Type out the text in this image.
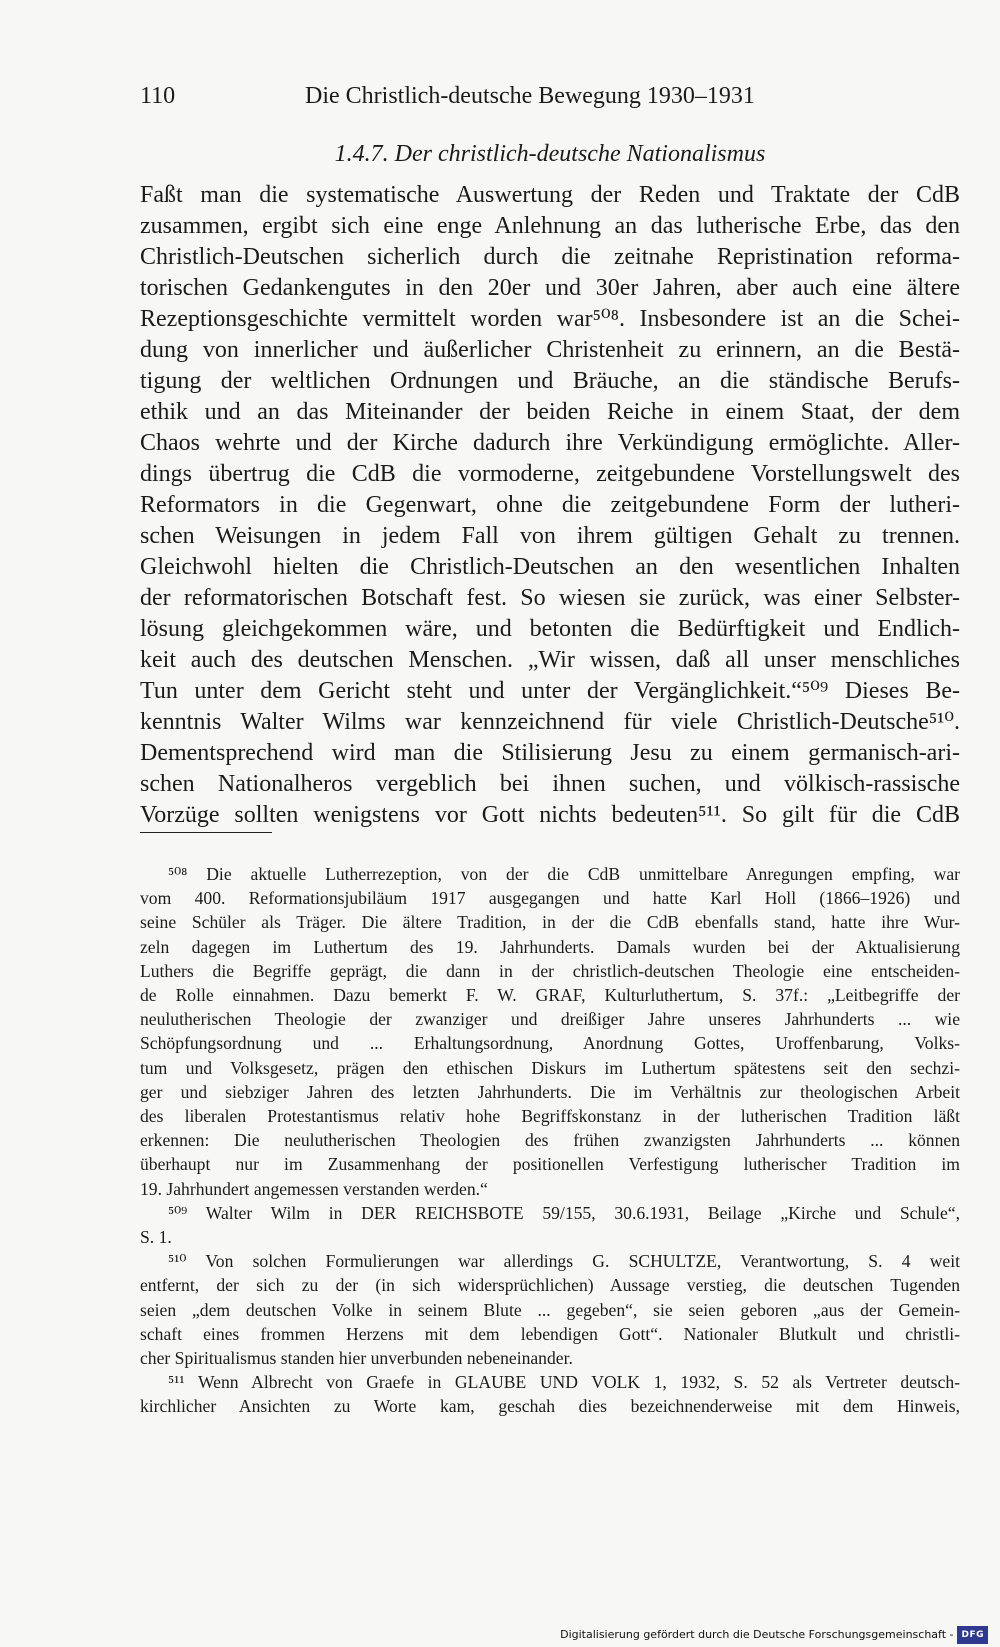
110	Die Christlich-deutsche Bewegung 1930–1931
1.4.7. Der christlich-deutsche Nationalismus

Faßt man die systematische Auswertung der Reden und Traktate der CdB

zusammen, ergibt sich eine enge Anlehnung an das lutherische Erbe, das den

Christlich-Deutschen sicherlich durch die zeitnahe Repristination reforma-

torischen Gedankengutes in den 20er und 30er Jahren, aber auch eine ältere

Rezeptionsgeschichte vermittelt worden war⁵⁰⁸. Insbesondere ist an die Schei-

dung von innerlicher und äußerlicher Christenheit zu erinnern, an die Bestä-

tigung der weltlichen Ordnungen und Bräuche, an die ständische Berufs-

ethik und an das Miteinander der beiden Reiche in einem Staat, der dem

Chaos wehrte und der Kirche dadurch ihre Verkündigung ermöglichte. Aller-

dings übertrug die CdB die vormoderne, zeitgebundene Vorstellungswelt des

Reformators in die Gegenwart, ohne die zeitgebundene Form der lutheri-

schen Weisungen in jedem Fall von ihrem gültigen Gehalt zu trennen.

Gleichwohl hielten die Christlich-Deutschen an den wesentlichen Inhalten

der reformatorischen Botschaft fest. So wiesen sie zurück, was einer Selbster-

lösung gleichgekommen wäre, und betonten die Bedürftigkeit und Endlich-

keit auch des deutschen Menschen. „Wir wissen, daß all unser menschliches

Tun unter dem Gericht steht und unter der Vergänglichkeit.“⁵⁰⁹ Dieses Be-

kenntnis Walter Wilms war kennzeichnend für viele Christlich-Deutsche⁵¹⁰.

Dementsprechend wird man die Stilisierung Jesu zu einem germanisch-ari-

schen Nationalheros vergeblich bei ihnen suchen, und völkisch-rassische

Vorzüge sollten wenigstens vor Gott nichts bedeuten⁵¹¹. So gilt für die CdB

⁵⁰⁸ Die aktuelle Lutherrezeption, von der die CdB unmittelbare Anregungen empfing, war

vom 400. Reformationsjubiläum 1917 ausgegangen und hatte Karl Holl (1866–1926) und

seine Schüler als Träger. Die ältere Tradition, in der die CdB ebenfalls stand, hatte ihre Wur-

zeln dagegen im Luthertum des 19. Jahrhunderts. Damals wurden bei der Aktualisierung

Luthers die Begriffe geprägt, die dann in der christlich-deutschen Theologie eine entscheiden-

de Rolle einnahmen. Dazu bemerkt F. W. GRAF, Kulturluthertum, S. 37f.: „Leitbegriffe der

neulutherischen Theologie der zwanziger und dreißiger Jahre unseres Jahrhunderts ... wie

Schöpfungsordnung und ... Erhaltungsordnung, Anordnung Gottes, Uroffenbarung, Volks-

tum und Volksgesetz, prägen den ethischen Diskurs im Luthertum spätestens seit den sechzi-

ger und siebziger Jahren des letzten Jahrhunderts. Die im Verhältnis zur theologischen Arbeit

des liberalen Protestantismus relativ hohe Begriffskonstanz in der lutherischen Tradition läßt

erkennen: Die neulutherischen Theologien des frühen zwanzigsten Jahrhunderts ... können

überhaupt nur im Zusammenhang der positionellen Verfestigung lutherischer Tradition im

19. Jahrhundert angemessen verstanden werden.“

⁵⁰⁹ Walter Wilm in DER REICHSBOTE 59/155, 30.6.1931, Beilage „Kirche und Schule“,

S. 1.

⁵¹⁰ Von solchen Formulierungen war allerdings G. SCHULTZE, Verantwortung, S. 4 weit

entfernt, der sich zu der (in sich widersprüchlichen) Aussage verstieg, die deutschen Tugenden

seien „dem deutschen Volke in seinem Blute ... gegeben“, sie seien geboren „aus der Gemein-

schaft eines frommen Herzens mit dem lebendigen Gott“. Nationaler Blutkult und christli-

cher Spiritualismus standen hier unverbunden nebeneinander.

⁵¹¹ Wenn Albrecht von Graefe in GLAUBE UND VOLK 1, 1932, S. 52 als Vertreter deutsch-

kirchlicher Ansichten zu Worte kam, geschah dies bezeichnenderweise mit dem Hinweis,

Digitalisierung gefördert durch die Deutsche Forschungsgemeinschaft - DFG
